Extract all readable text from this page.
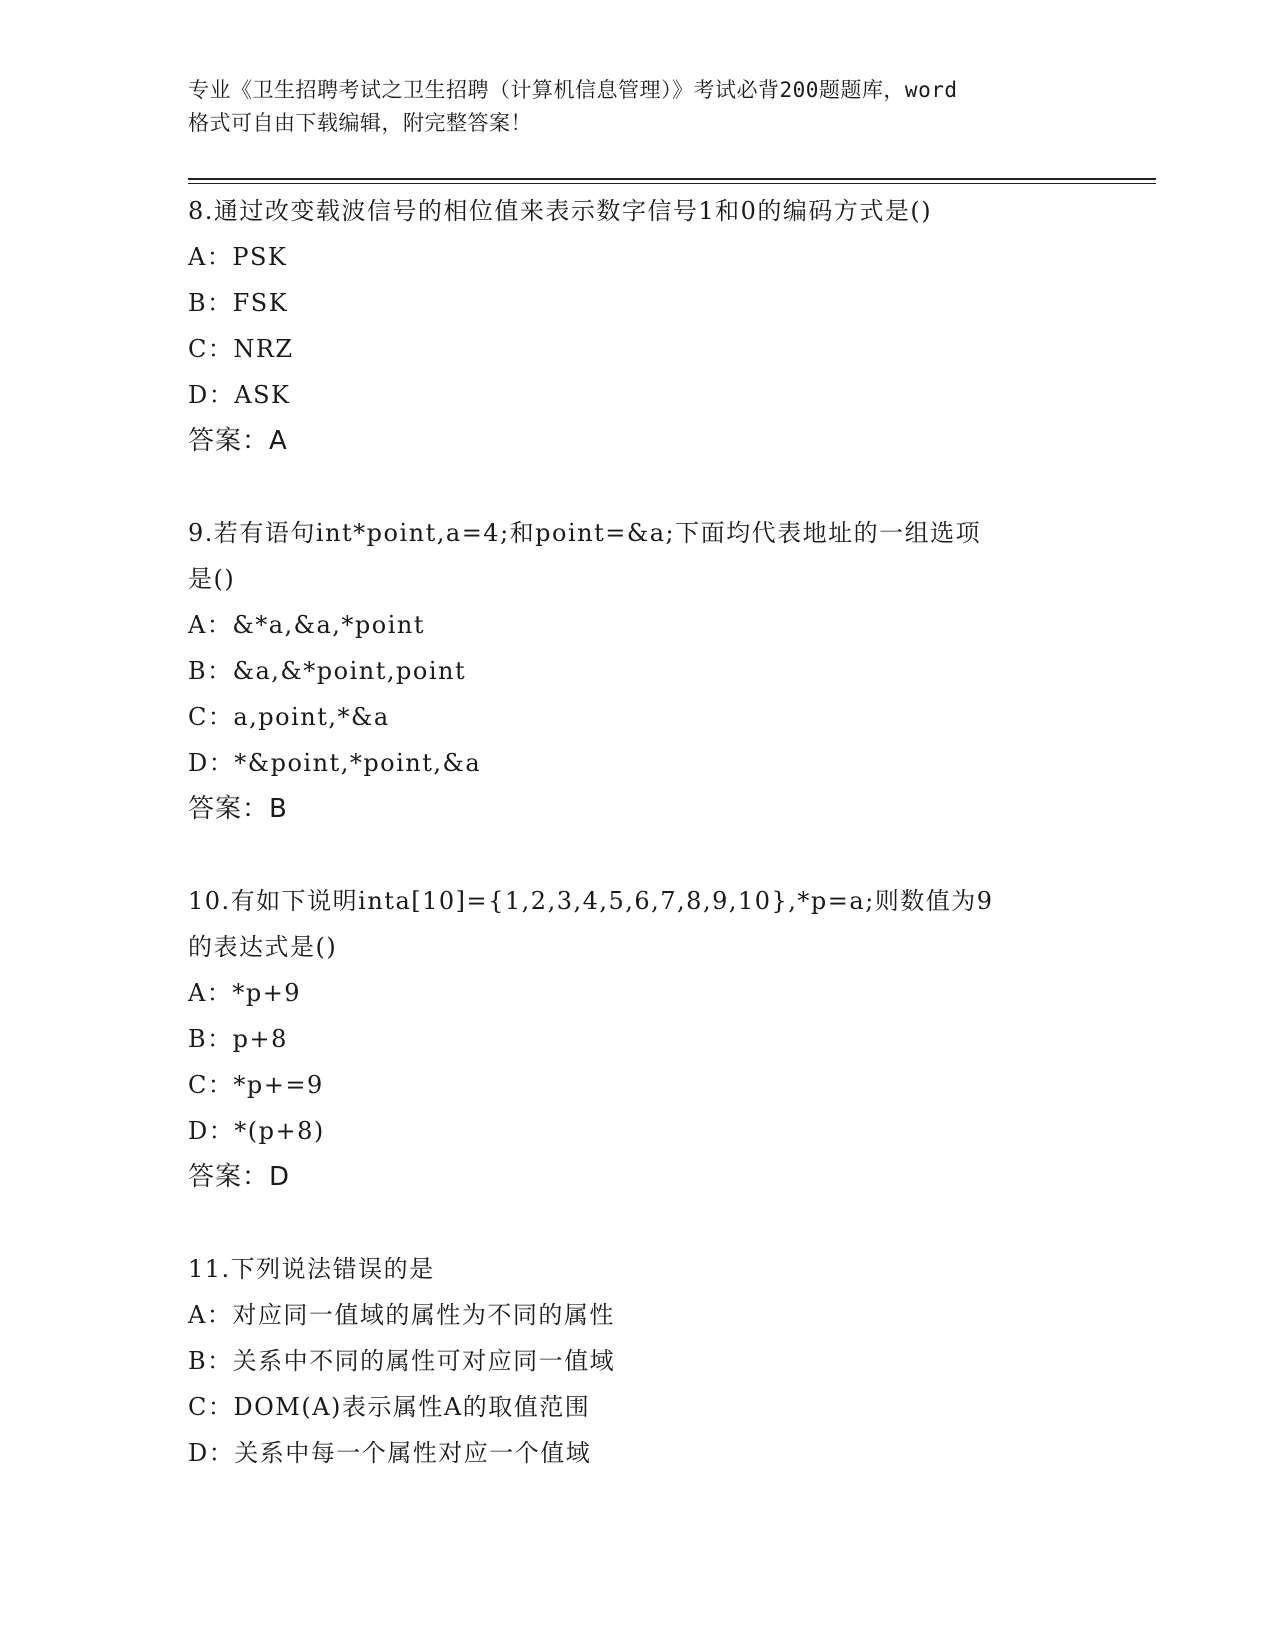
专业《卫生招聘考试之卫生招聘（计算机信息管理）》考试必背200题题库，word
格式可自由下载编辑，附完整答案！
8.通过改变载波信号的相位值来表示数字信号1和0的编码方式是()
A：PSK
B：FSK
C：NRZ
D：ASK
答案：A
9.若有语句int*point,a=4;和point=&a;下面均代表地址的一组选项
是()
A：&*a,&a,*point
B：&a,&*point,point
C：a,point,*&a
D：*&point,*point,&a
答案：B
10.有如下说明inta[10]={1,2,3,4,5,6,7,8,9,10},*p=a;则数值为9
的表达式是()
A：*p+9
B：p+8
C：*p+=9
D：*(p+8)
答案：D
11.下列说法错误的是
A：对应同一值域的属性为不同的属性
B：关系中不同的属性可对应同一值域
C：DOM(A)表示属性A的取值范围
D：关系中每一个属性对应一个值域
